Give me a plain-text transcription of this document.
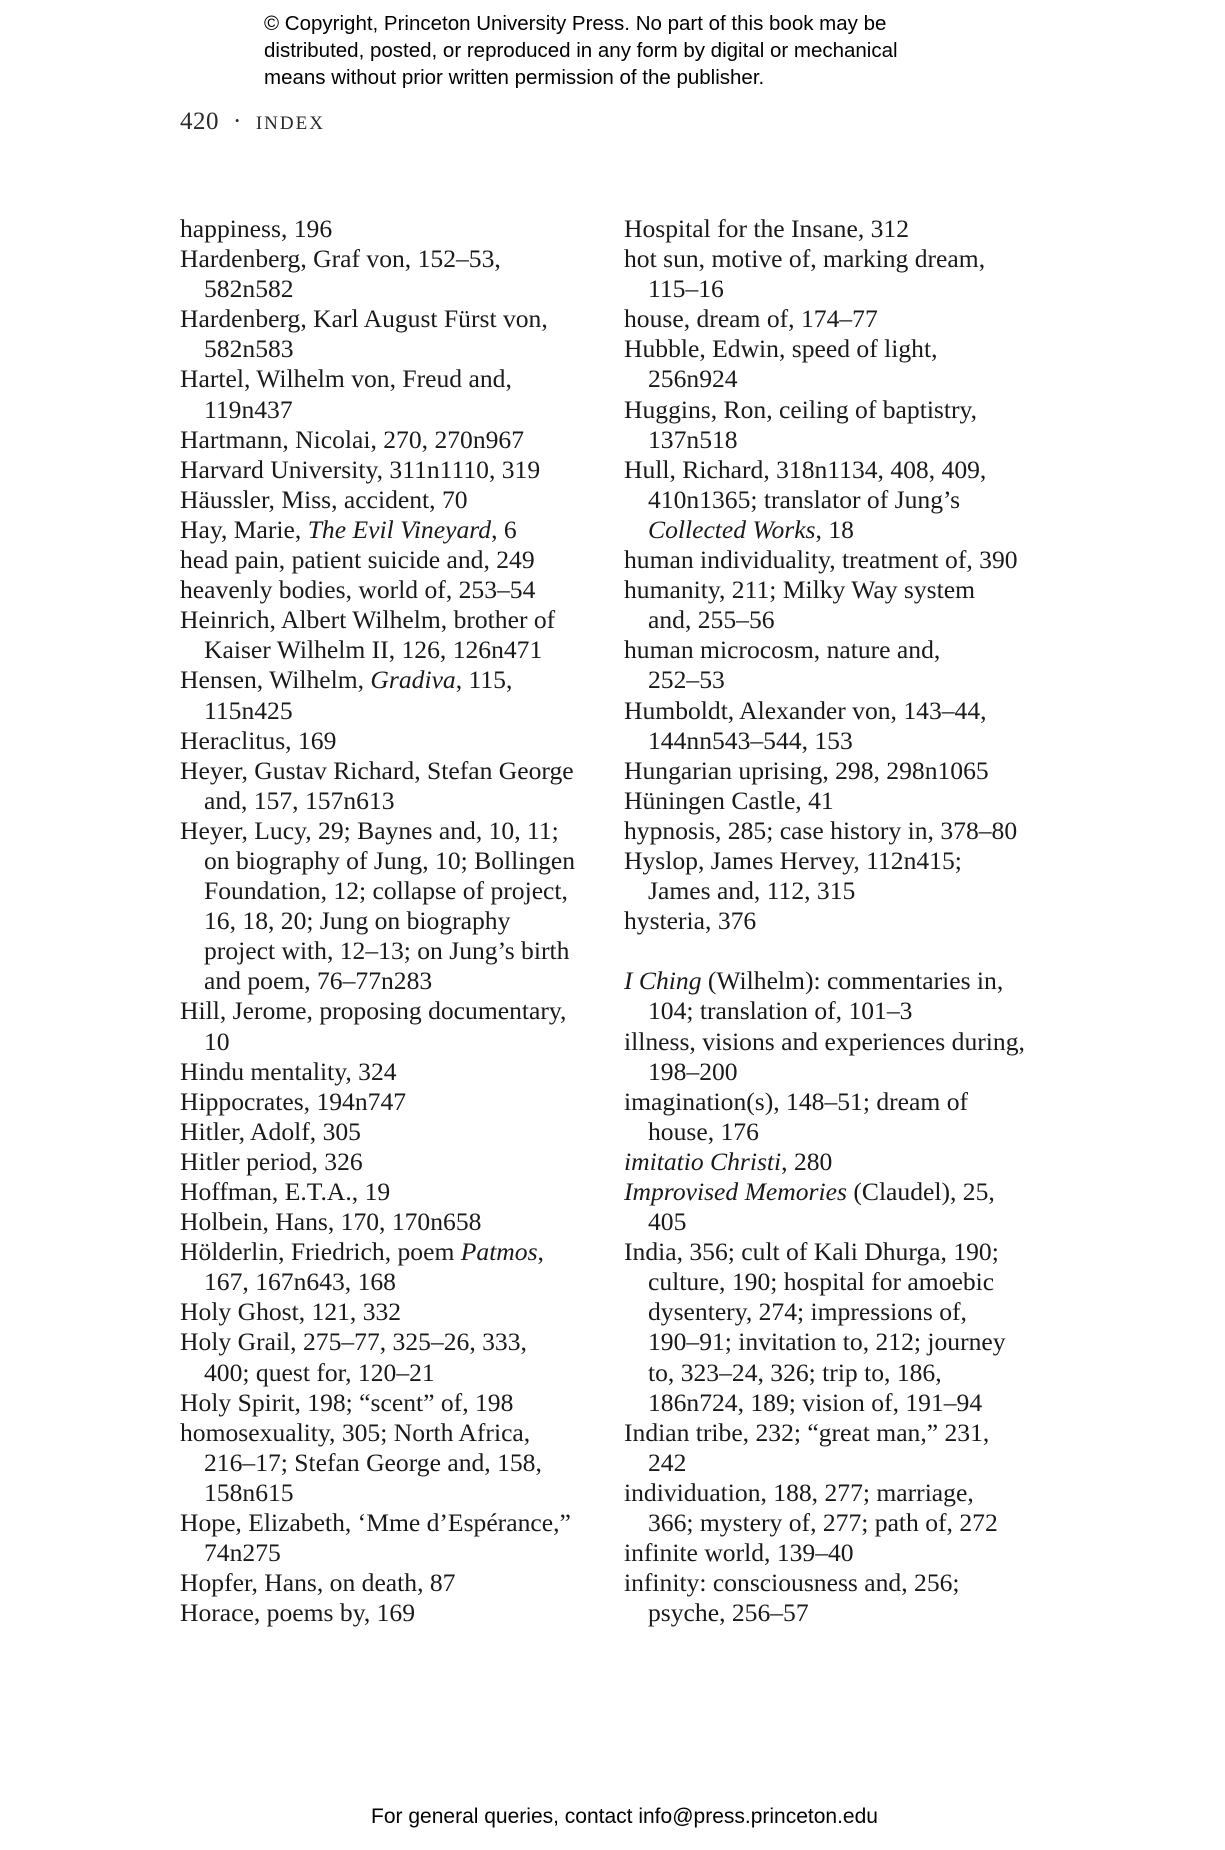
© Copyright, Princeton University Press. No part of this book may be
distributed, posted, or reproduced in any form by digital or mechanical
means without prior written permission of the publisher.
420 · INDEX

happiness, 196

Hardenberg, Graf von, 152–53,
582n582

Hardenberg, Karl August Fürst von,
582n583

Hartel, Wilhelm von, Freud and,
119n437

Hartmann, Nicolai, 270, 270n967

Harvard University, 311n1110, 319

Häussler, Miss, accident, 70

Hay, Marie, The Evil Vineyard, 6

head pain, patient suicide and, 249

heavenly bodies, world of, 253–54

Heinrich, Albert Wilhelm, brother of
Kaiser Wilhelm II, 126, 126n471

Hensen, Wilhelm, Gradiva, 115,
115n425

Heraclitus, 169

Heyer, Gustav Richard, Stefan George
and, 157, 157n613

Heyer, Lucy, 29; Baynes and, 10, 11;
on biography of Jung, 10; Bollingen
Foundation, 12; collapse of project,
16, 18, 20; Jung on biography
project with, 12–13; on Jung’s birth
and poem, 76–77n283

Hill, Jerome, proposing documentary,
10

Hindu mentality, 324

Hippocrates, 194n747

Hitler, Adolf, 305

Hitler period, 326

Hoffman, E.T.A., 19

Holbein, Hans, 170, 170n658

Hölderlin, Friedrich, poem Patmos,
167, 167n643, 168

Holy Ghost, 121, 332

Holy Grail, 275–77, 325–26, 333,
400; quest for, 120–21

Holy Spirit, 198; “scent” of, 198

homosexuality, 305; North Africa,
216–17; Stefan George and, 158,
158n615

Hope, Elizabeth, ‘Mme d’Espérance,”
74n275

Hopfer, Hans, on death, 87

Horace, poems by, 169

Hospital for the Insane, 312

hot sun, motive of, marking dream,
115–16

house, dream of, 174–77

Hubble, Edwin, speed of light,
256n924

Huggins, Ron, ceiling of baptistry,
137n518

Hull, Richard, 318n1134, 408, 409,
410n1365; translator of Jung’s
Collected Works, 18

human individuality, treatment of, 390

humanity, 211; Milky Way system
and, 255–56

human microcosm, nature and,
252–53

Humboldt, Alexander von, 143–44,
144nn543–544, 153

Hungarian uprising, 298, 298n1065

Hüningen Castle, 41

hypnosis, 285; case history in, 378–80

Hyslop, James Hervey, 112n415;
James and, 112, 315

hysteria, 376

I Ching (Wilhelm): commentaries in,
104; translation of, 101–3

illness, visions and experiences during,
198–200

imagination(s), 148–51; dream of
house, 176

imitatio Christi, 280

Improvised Memories (Claudel), 25,
405

India, 356; cult of Kali Dhurga, 190;
culture, 190; hospital for amoebic
dysentery, 274; impressions of,
190–91; invitation to, 212; journey
to, 323–24, 326; trip to, 186,
186n724, 189; vision of, 191–94

Indian tribe, 232; “great man,” 231,
242

individuation, 188, 277; marriage,
366; mystery of, 277; path of, 272

infinite world, 139–40

infinity: consciousness and, 256;
psyche, 256–57

For general queries, contact info@press.princeton.edu
